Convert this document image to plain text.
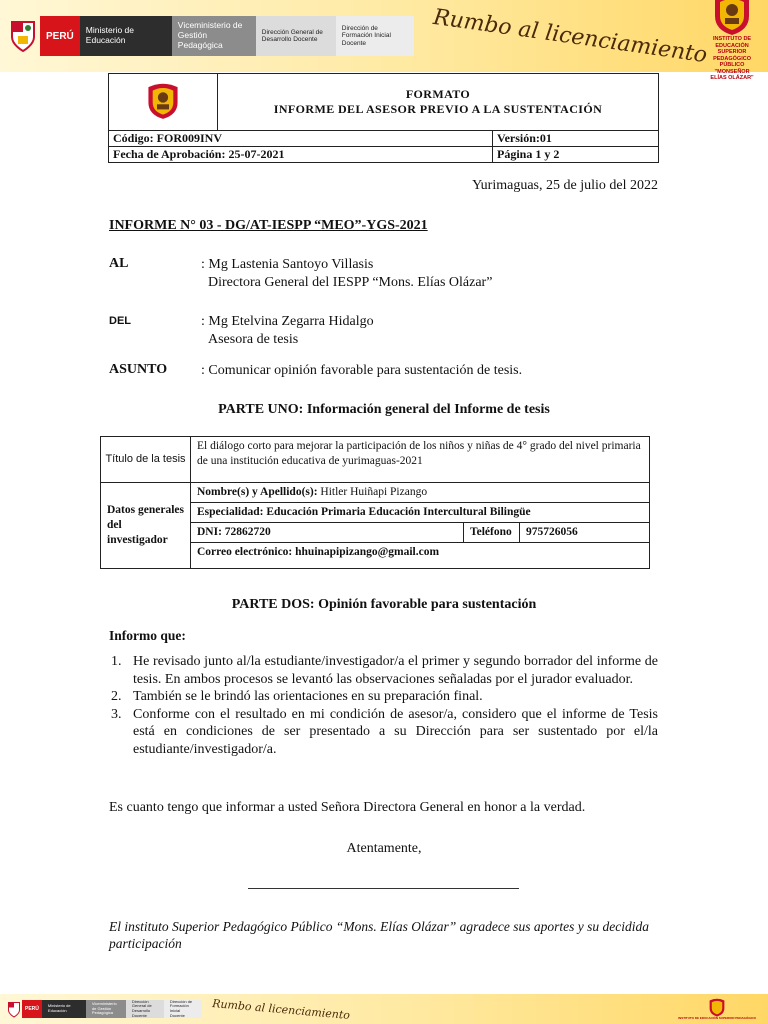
PERÚ
Ministerio de Educación
Viceministerio de Gestión Pedagógica
Dirección General de Desarrollo Docente
Dirección de Formación Inicial Docente	Rumbo al licenciamiento INSTITUTO DE EDUCACIÓN SUPERIOR PEDAGÓGICO
PÚBLICO "MONSEÑOR ELÍAS OLÁZAR"

FORMATO
INFORME DEL ASESOR PREVIO A LA SUSTENTACIÓN	

Código: FOR009INV		Versión:01
Fecha de Aprobación: 25-07-2021		Página 1 y 2
Yurimaguas, 25 de julio del 2022
INFORME N° 03 - DG/AT-IESPP “MEO”-YGS-2021
AL	: Mg Lastenia Santoyo Villasis
Directora General del IESPP “Mons. Elías Olázar”
DEL	: Mg Etelvina Zegarra Hidalgo
Asesora de tesis
ASUNTO : Comunicar opinión favorable para sustentación de tesis.
PARTE UNO: Información general del Informe de tesis
Título de la tesis	El diálogo corto para mejorar la participación de los niños y niñas de 4° grado del nivel primaria de una institución educativa de yurimaguas-2021		
Datos generales del investigador	Nombre(s) y Apellido(s): Hitler Huiñapi Pizango		
	Especialidad: Educación Primaria Educación Intercultural Bilingüe		
	DNI: 72862720	Teléfono	975726056
	Correo electrónico: hhuinapipizango@gmail.com		
PARTE DOS: Opinión favorable para sustentación
Informo que:
1. He revisado junto al/la estudiante/investigador/a el primer y segundo borrador del informe de tesis. En ambos procesos se levantó las observaciones señaladas por el jurador evaluador.
2. También se le brindó las orientaciones en su preparación final.
3. Conforme con el resultado en mi condición de asesor/a, considero que el informe de Tesis está en condiciones de ser presentado a su Dirección para ser sustentado por el/la estudiante/investigador/a.
Es cuanto tengo que informar a usted Señora Directora General en honor a la verdad.
Atentamente,
El instituto Superior Pedagógico Público “Mons. Elías Olázar” agradece sus aportes y su decidida participación
PERÚ
Ministerio de Educación
Viceministerio de Gestión Pedagógica
Dirección General de Desarrollo Docente
Dirección de Formación Inicial Docente	Rumbo al licenciamiento	INSTITUTO DE EDUCACIÓN SUPERIOR PEDAGÓGICO
